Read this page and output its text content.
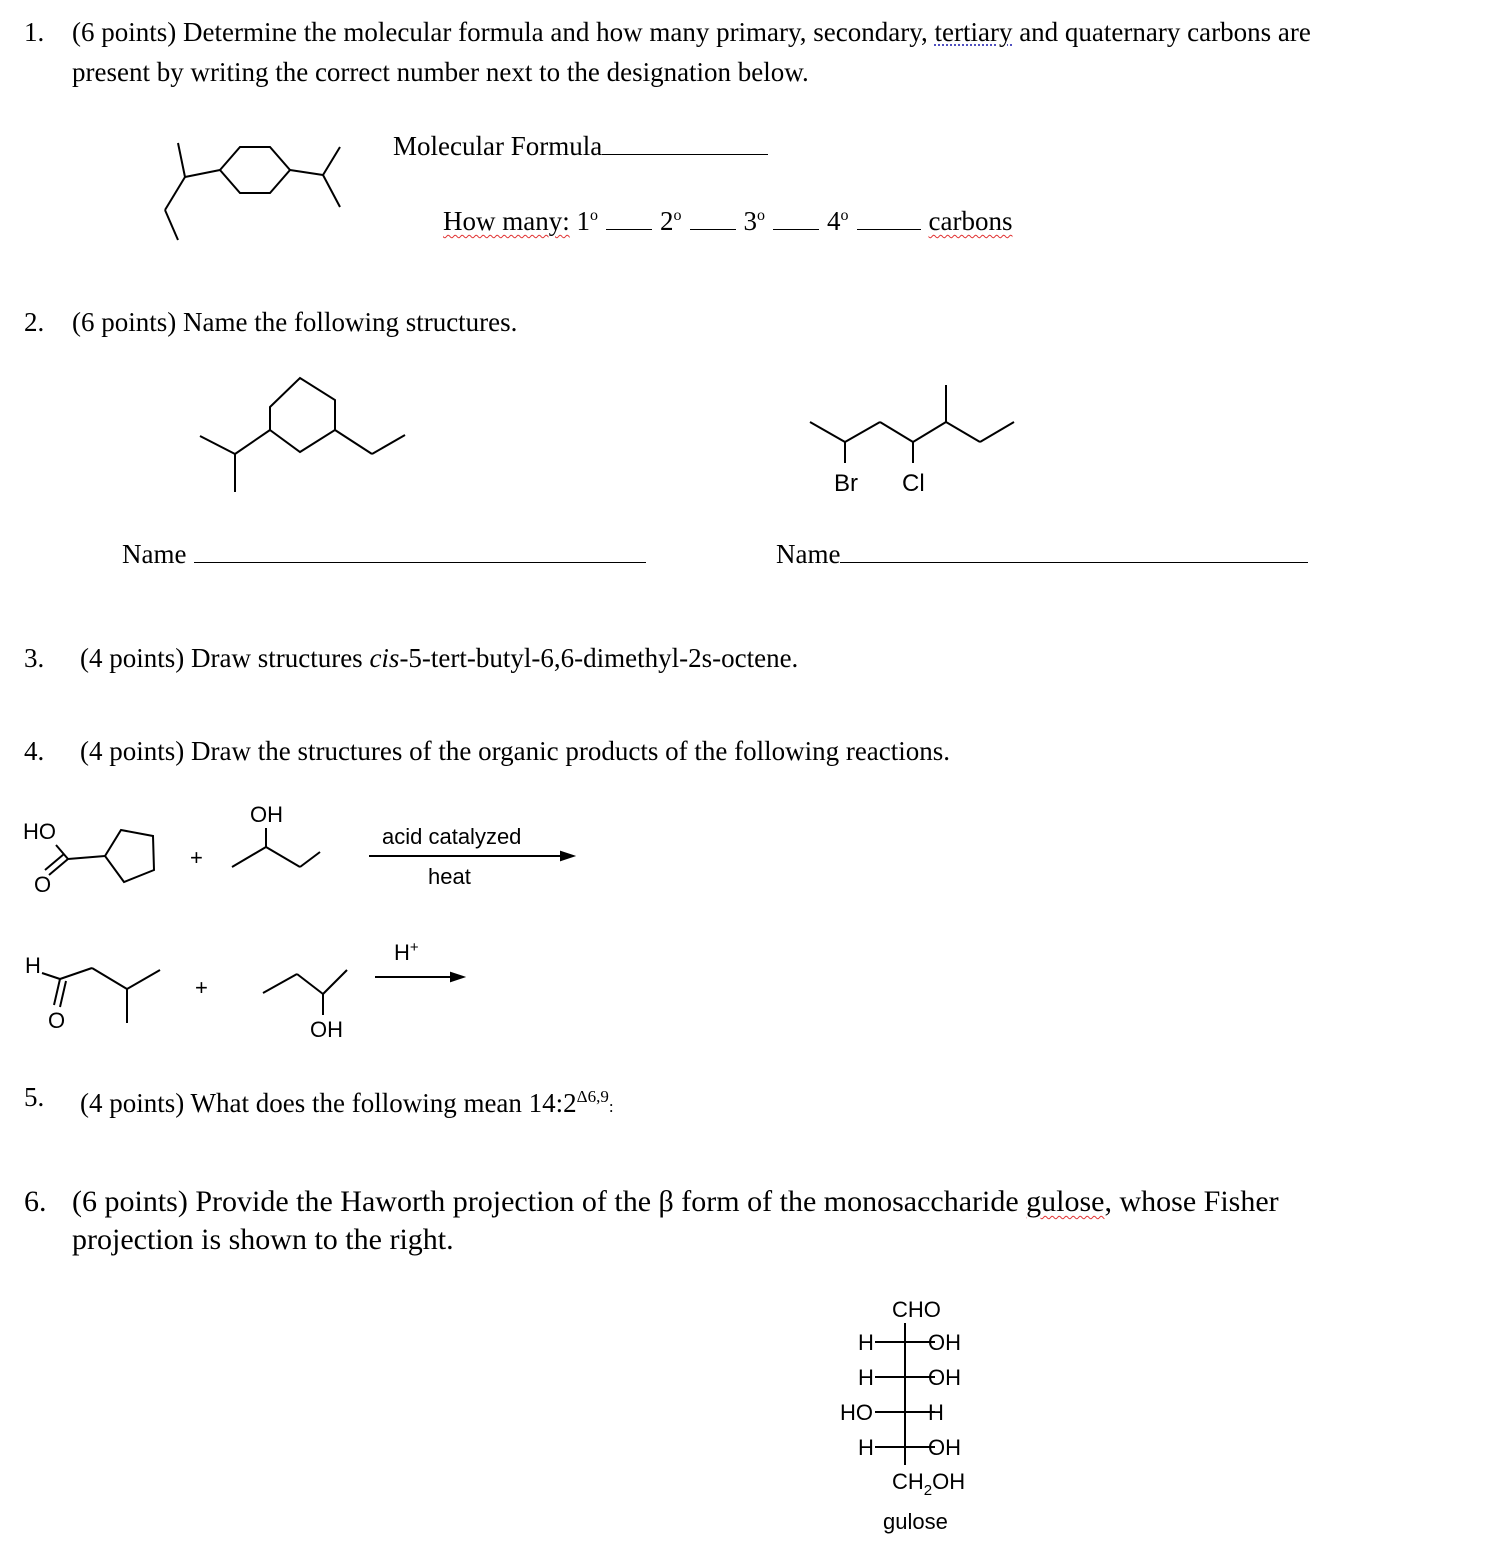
1. (6 points) Determine the molecular formula and how many primary, secondary, tertiary and quaternary carbons are
present by writing the correct number next to the designation below.
Molecular Formula
How many: 1$^o$ 2$^o$ 3$^o$ 4$^o$	carbons
2. (6 points) Name the following structures.
Br Cl
Name	Name
3. (4 points) Draw structures cis-5-tert-butyl-6,6-dimethyl-2s-octene.
4. (4 points) Draw the structures of the organic products of the following reactions.
HO
O
+
OH
acid catalyzed
heat
H
O
+
OH
H+
5. (4 points) What does the following mean $14:2^{\Delta 6,9}$:
6. (6 points) Provide the Haworth projection of the β form of the monosaccharide gulose, whose Fisher
projection is shown to the right.
CHO
H OH
H OH
HO	H
H OH
$CH_2OH$
gulose
